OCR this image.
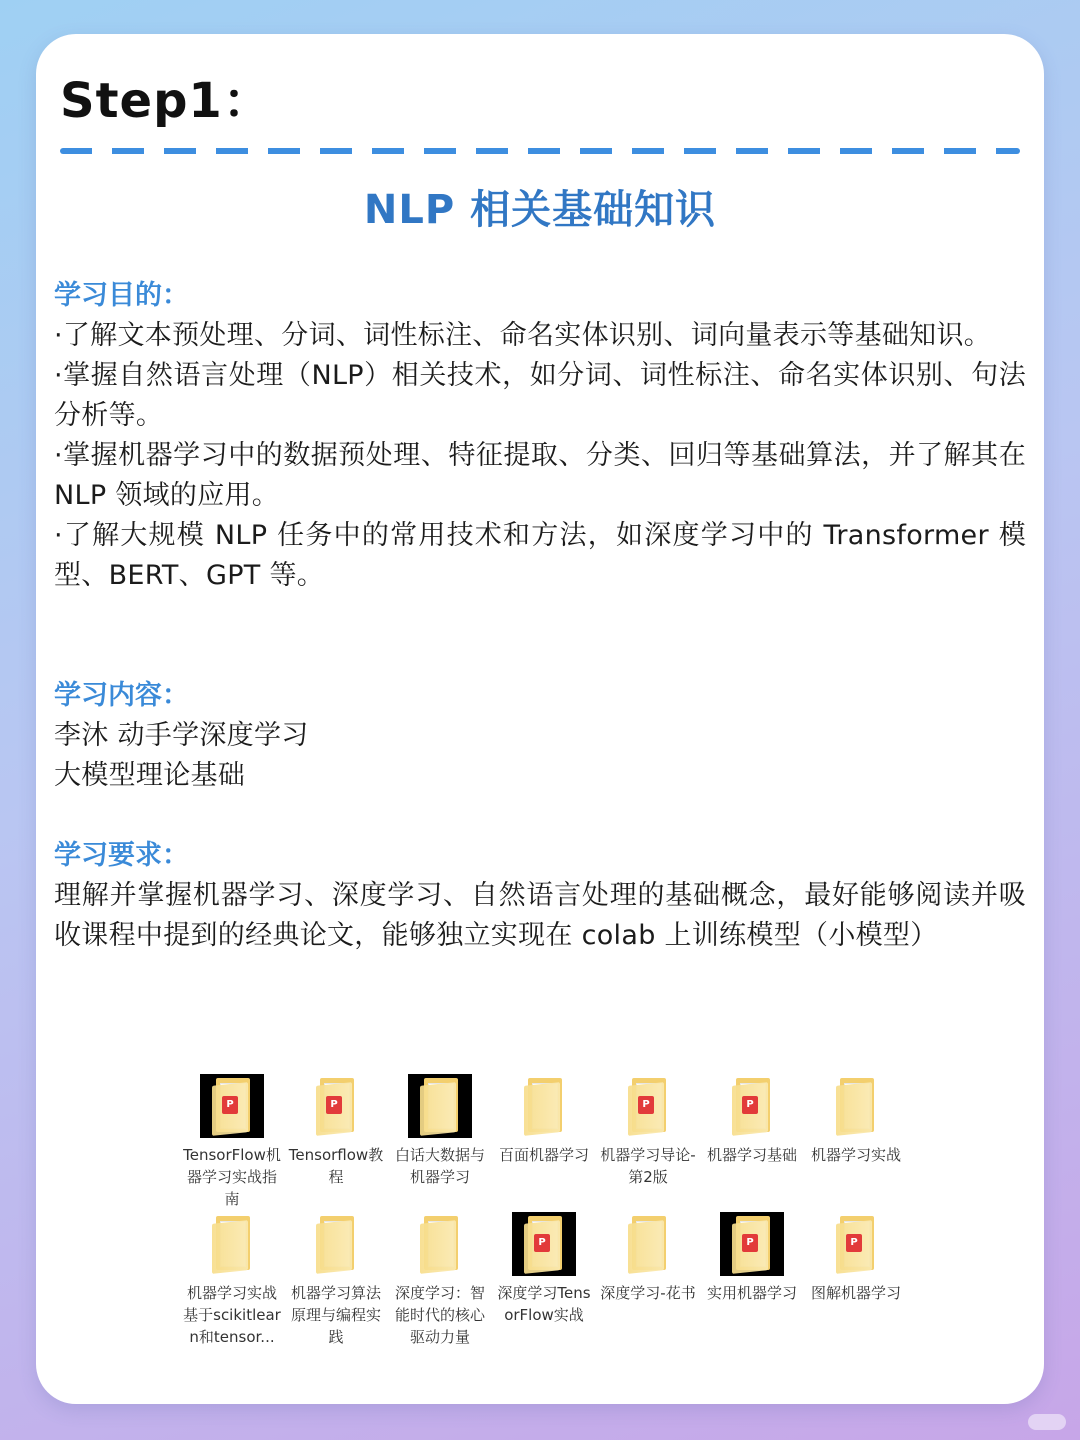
Step1：
NLP 相关基础知识
学习目的：

·了解文本预处理、分词、词性标注、命名实体识别、词向量表示等基础知识。

·掌握自然语言处理（NLP）相关技术，如分词、词性标注、命名实体识别、句法分析等。

·掌握机器学习中的数据预处理、特征提取、分类、回归等基础算法，并了解其在 NLP 领域的应用。

·了解大规模 NLP 任务中的常用技术和方法，如深度学习中的 Transformer 模型、BERT、GPT 等。

学习内容：

李沐 动手学深度学习

大模型理论基础

学习要求：

理解并掌握机器学习、深度学习、自然语言处理的基础概念，最好能够阅读并吸收课程中提到的经典论文，能够独立实现在 colab 上训练模型（小模型）

P
TensorFlow机器学习实战指南
P
Tensorflow教程
白话大数据与机器学习
百面机器学习
P
机器学习导论-第2版
P
机器学习基础 机器学习实战
机器学习实战基于scikitlearn和tensor...
机器学习算法原理与编程实践
深度学习：智能时代的核心驱动力量
P
深度学习TensorFlow实战
深度学习-花书
P
实用机器学习
P
图解机器学习
